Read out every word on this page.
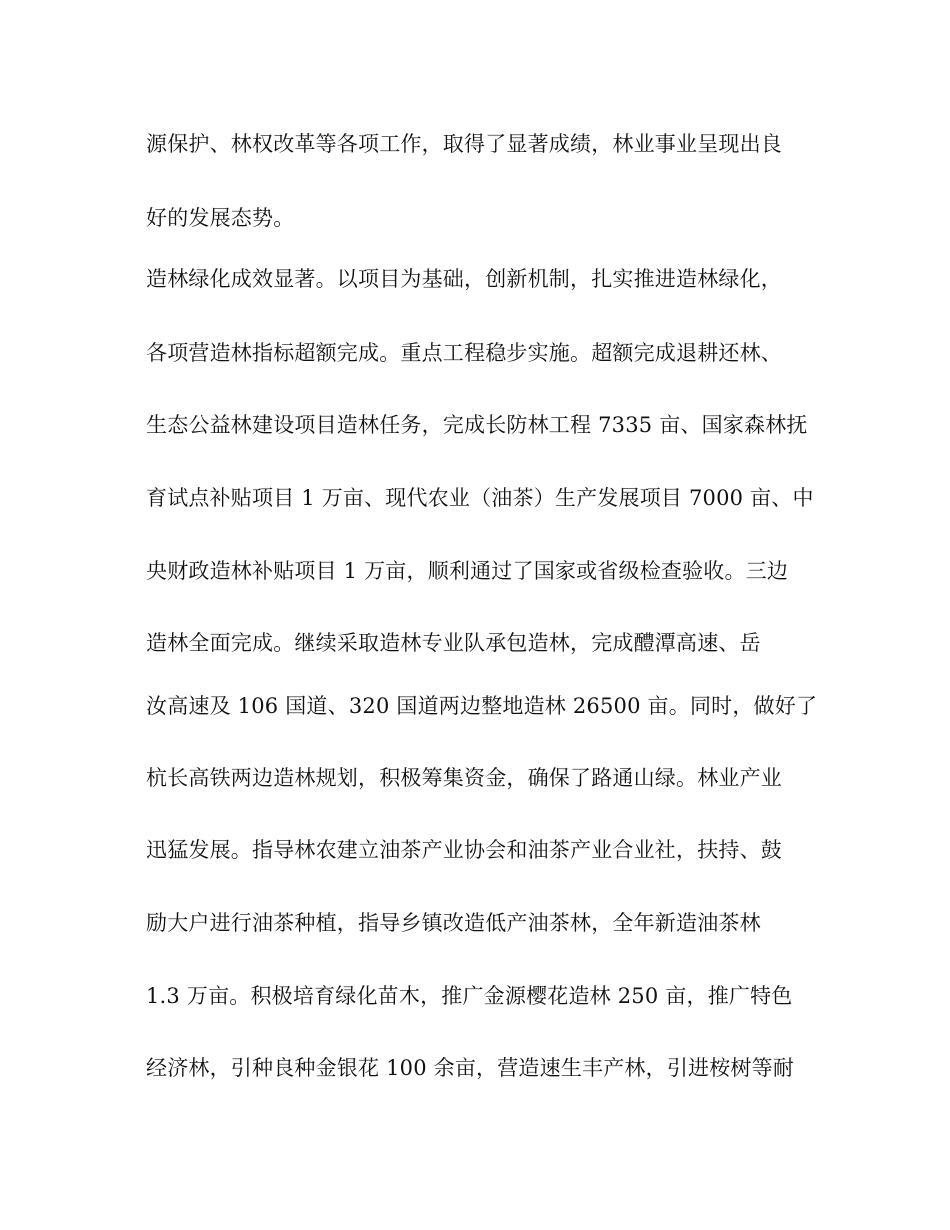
源保护、林权改革等各项工作，取得了显著成绩，林业事业呈现出良
好的发展态势。
造林绿化成效显著。以项目为基础，创新机制，扎实推进造林绿化，
各项营造林指标超额完成。重点工程稳步实施。超额完成退耕还林、
生态公益林建设项目造林任务，完成长防林工程 7335 亩、国家森林抚
育试点补贴项目 1 万亩、现代农业（油茶）生产发展项目 7000 亩、中
央财政造林补贴项目 1 万亩，顺利通过了国家或省级检查验收。三边
造林全面完成。继续采取造林专业队承包造林，完成醴潭高速、岳
汝高速及 106 国道、320 国道两边整地造林 26500 亩。同时，做好了
杭长高铁两边造林规划，积极筹集资金，确保了路通山绿。林业产业
迅猛发展。指导林农建立油茶产业协会和油茶产业合业社，扶持、鼓
励大户进行油茶种植，指导乡镇改造低产油茶林，全年新造油茶林
1.3 万亩。积极培育绿化苗木，推广金源樱花造林 250 亩，推广特色
经济林，引种良种金银花 100 余亩，营造速生丰产林，引进桉树等耐
